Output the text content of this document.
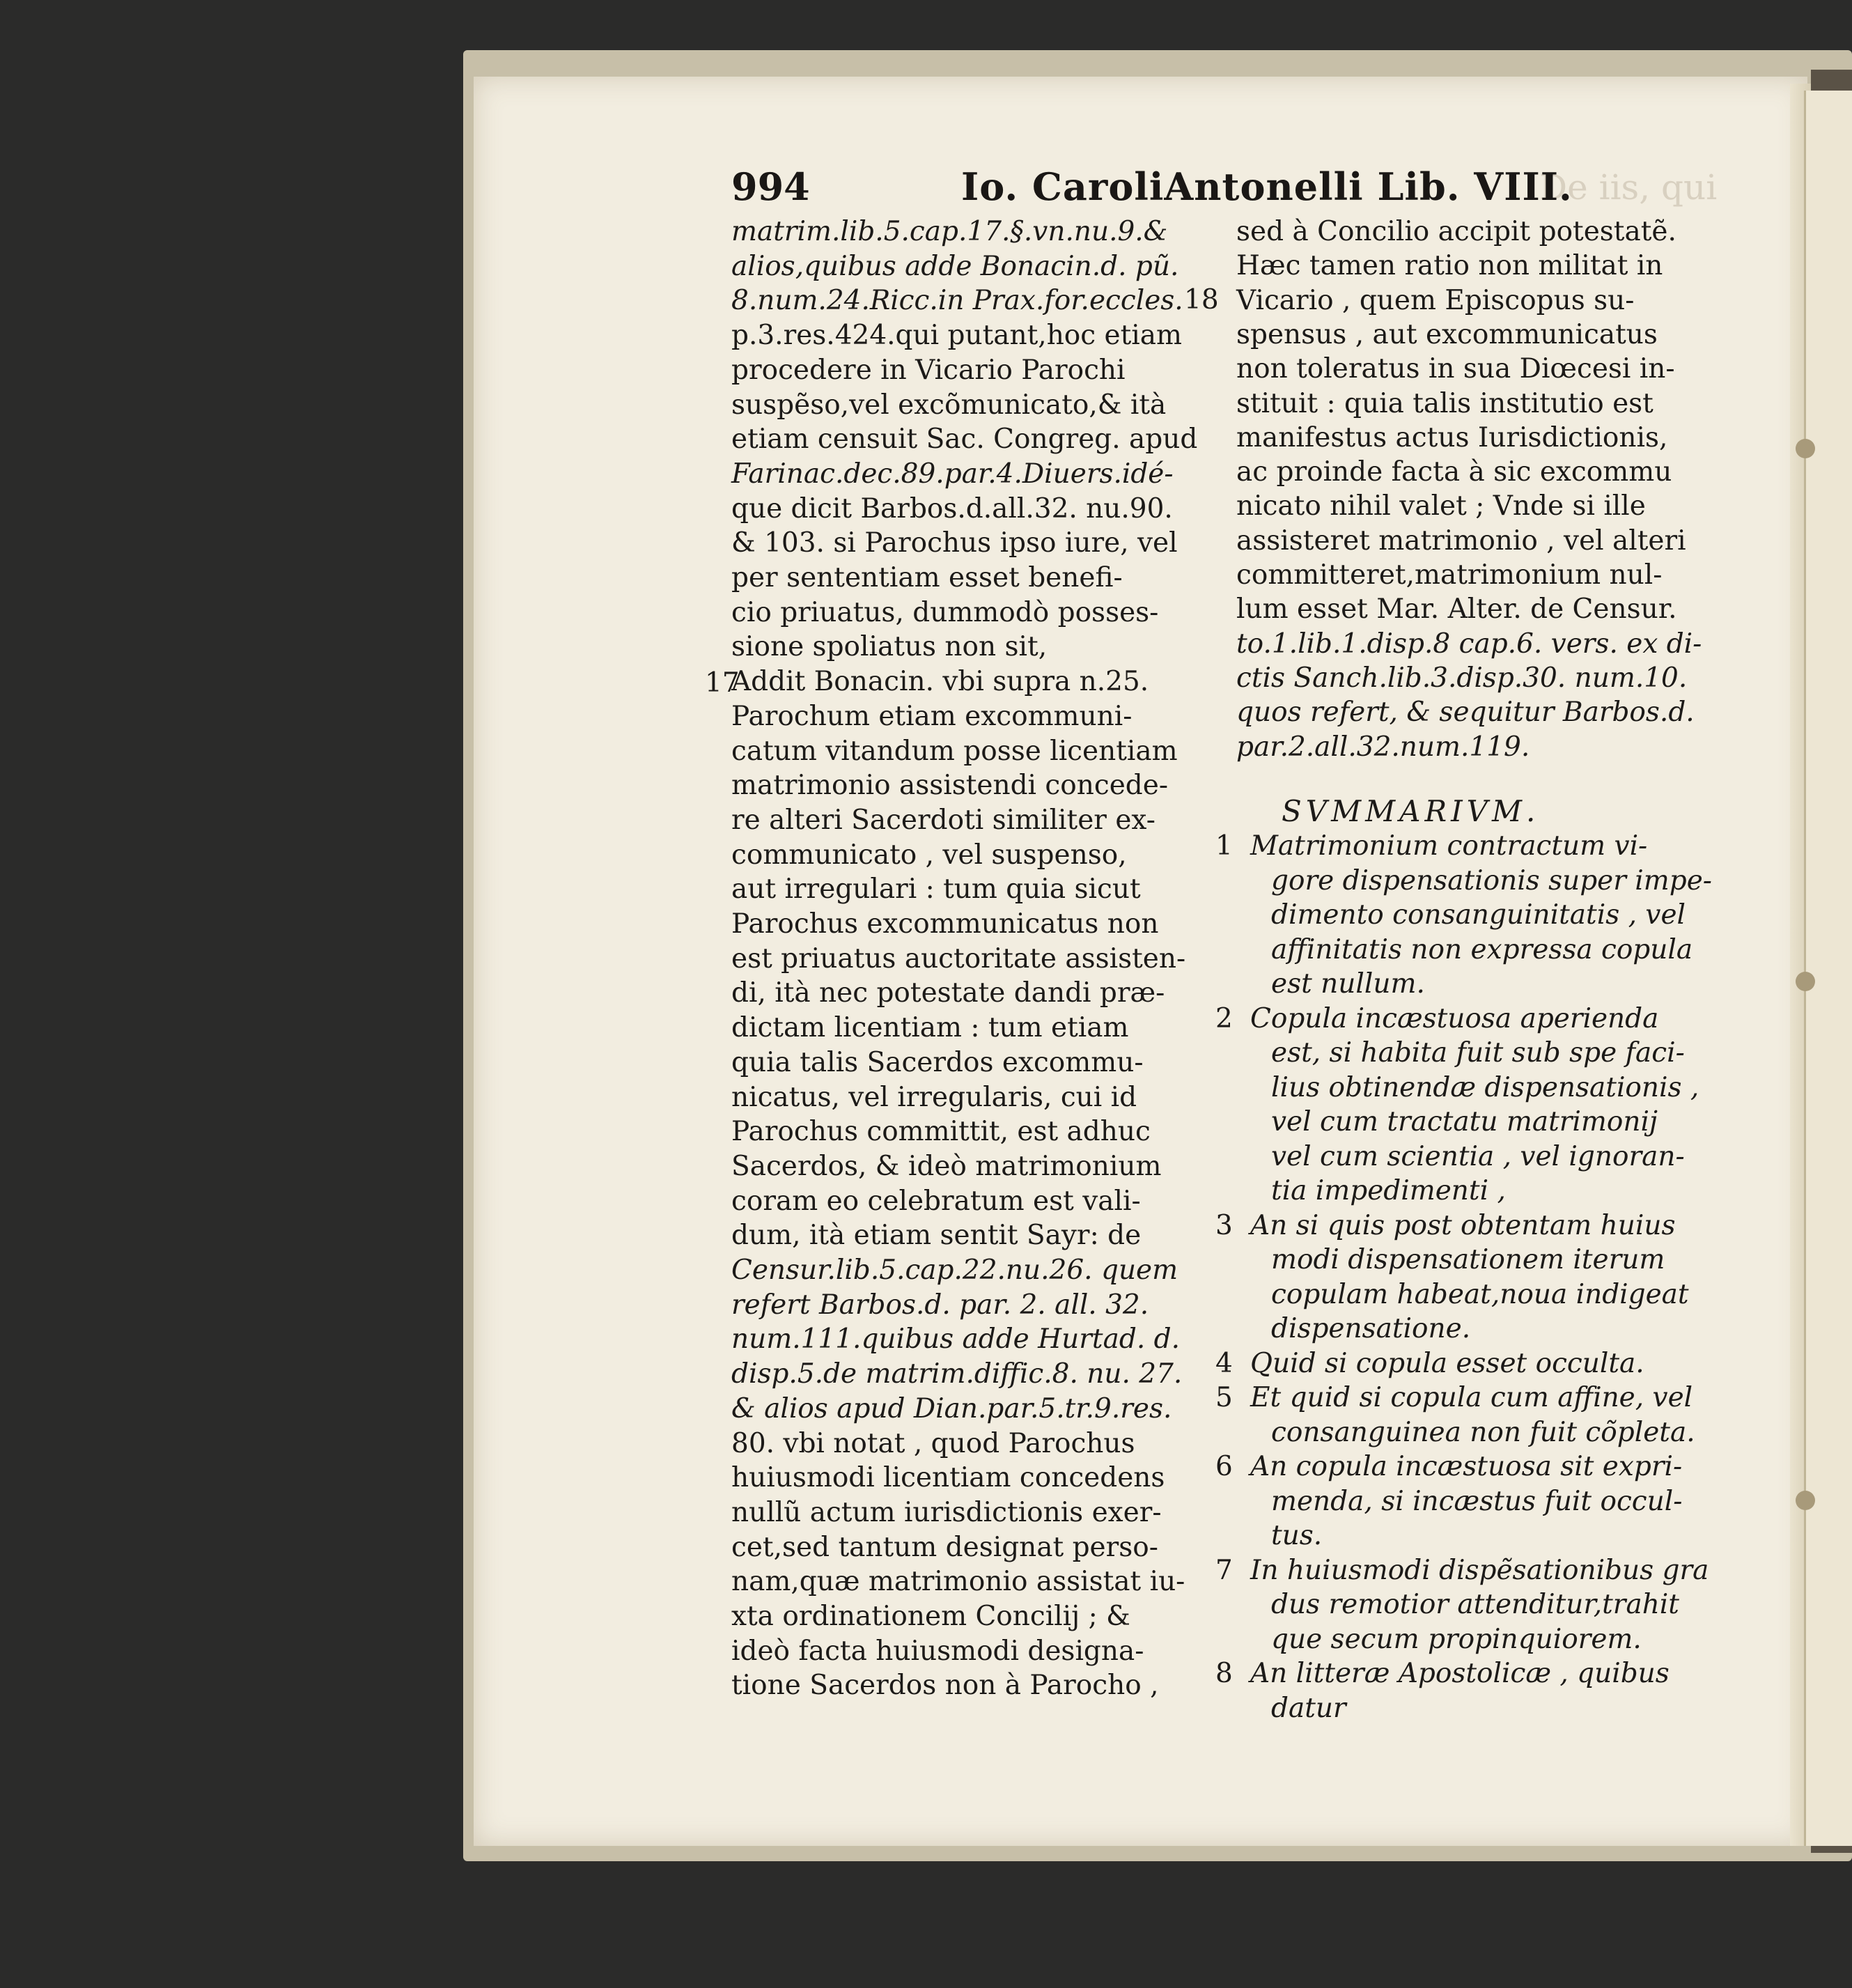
De iis, qui
994	Io. CaroliAntonelli Lib. VIII.
matrim.lib.5.cap.17.§.vn.nu.9.&
alios,quibus adde Bonacin.d. pũ.
8.num.24.Ricc.in Prax.for.eccles.
p.3.res.424.qui putant,hoc etiam
procedere in Vicario Parochi
suspẽso,vel excõmunicato,& ità
etiam censuit Sac. Congreg. apud
Farinac.dec.89.par.4.Diuers.idé-
que dicit Barbos.d.all.32. nu.90.
& 103. si Parochus ipso iure, vel
per sententiam esset benefi-
cio priuatus, dummodò posses-
sione spoliatus non sit,
Addit Bonacin. vbi supra n.25.
Parochum etiam excommuni-
catum vitandum posse licentiam
matrimonio assistendi concede-
re alteri Sacerdoti similiter ex-
communicato , vel suspenso,
aut irregulari : tum quia sicut
Parochus excommunicatus non
est priuatus auctoritate assisten-
di, ità nec potestate dandi præ-
dictam licentiam : tum etiam
quia talis Sacerdos excommu-
nicatus, vel irregularis, cui id
Parochus committit, est adhuc
Sacerdos, & ideò matrimonium
coram eo celebratum est vali-
dum, ità etiam sentit Sayr: de
Censur.lib.5.cap.22.nu.26. quem
refert Barbos.d. par. 2. all. 32.
num.111.quibus adde Hurtad. d.
disp.5.de matrim.diffic.8. nu. 27.
& alios apud Dian.par.5.tr.9.res.
80. vbi notat , quod Parochus
huiusmodi licentiam concedens
nullũ actum iurisdictionis exer-
cet,sed tantum designat perso-
nam,quæ matrimonio assistat iu-
xta ordinationem Concilij ; &
ideò facta huiusmodi designa-
tione Sacerdos non à Parocho ,
17
sed à Concilio accipit potestatẽ.
Hæc tamen ratio non militat in
Vicario , quem Episcopus su-
spensus , aut excommunicatus
non toleratus in sua Diœcesi in-
stituit : quia talis institutio est
manifestus actus Iurisdictionis,
ac proinde facta à sic excommu
nicato nihil valet ; Vnde si ille
assisteret matrimonio , vel alteri
committeret,matrimonium nul-
lum esset Mar. Alter. de Censur.
to.1.lib.1.disp.8 cap.6. vers. ex di-
ctis Sanch.lib.3.disp.30. num.10.
quos refert, & sequitur Barbos.d.
par.2.all.32.num.119.
18
SVMMARIVM.
1 Matrimonium contractum vi-
gore dispensationis super impe-
dimento consanguinitatis , vel
affinitatis non expressa copula
est nullum.
2 Copula incæstuosa aperienda
est, si habita fuit sub spe faci-
lius obtinendæ dispensationis ,
vel cum tractatu matrimonij
vel cum scientia , vel ignoran-
tia impedimenti ,
3 An si quis post obtentam huius
modi dispensationem iterum
copulam habeat,noua indigeat
dispensatione.
4 Quid si copula esset occulta.
5 Et quid si copula cum affine, vel
consanguinea non fuit cõpleta.
6 An copula incæstuosa sit expri-
menda, si incæstus fuit occul-
tus.
7 In huiusmodi dispẽsationibus gra
dus remotior attenditur,trahit
que secum propinquiorem.
8 An litteræ Apostolicæ , quibus
datur
